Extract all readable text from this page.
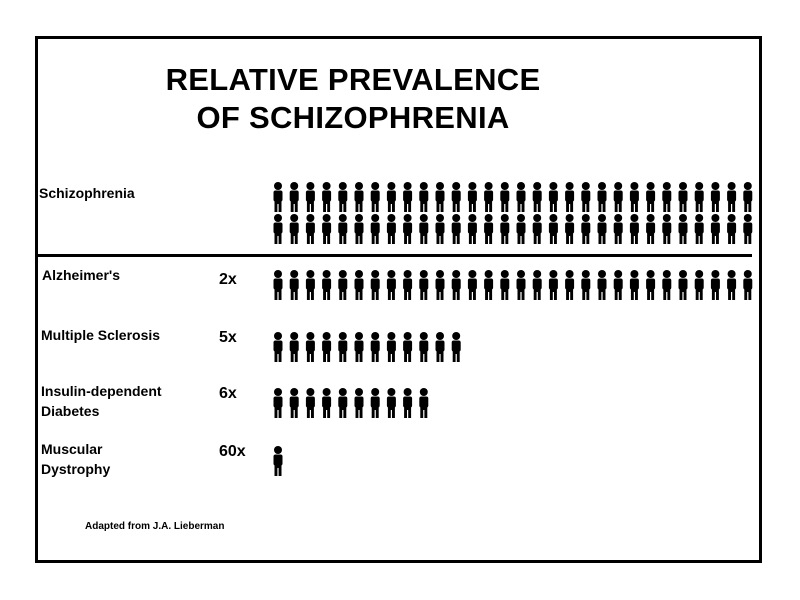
RELATIVE PREVALENCE
OF SCHIZOPHRENIA
Schizophrenia
Alzheimer's	2x
Multiple Sclerosis	5x
Insulin-dependent Diabetes
6x
Muscular Dystrophy
60x
Adapted from J.A. Lieberman
